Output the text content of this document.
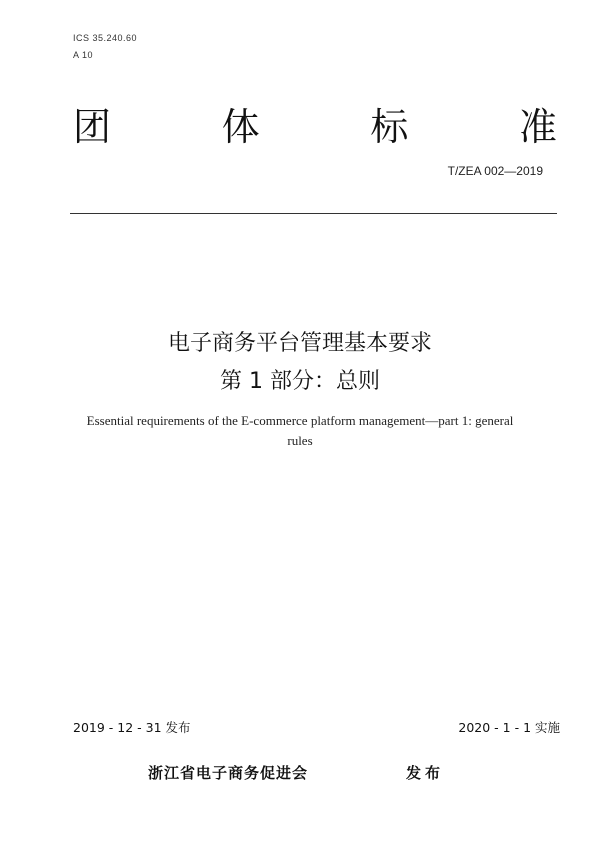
ICS 35.240.60
A 10
团	体	标	准
T/ZEA 002—2019
电子商务平台管理基本要求
第 1 部分：总则
Essential requirements of the E-commerce platform management—part 1: general
rules
2019 - 12 - 31 发布	2020 - 1 - 1 实施
浙江省电子商务促进会	发布
